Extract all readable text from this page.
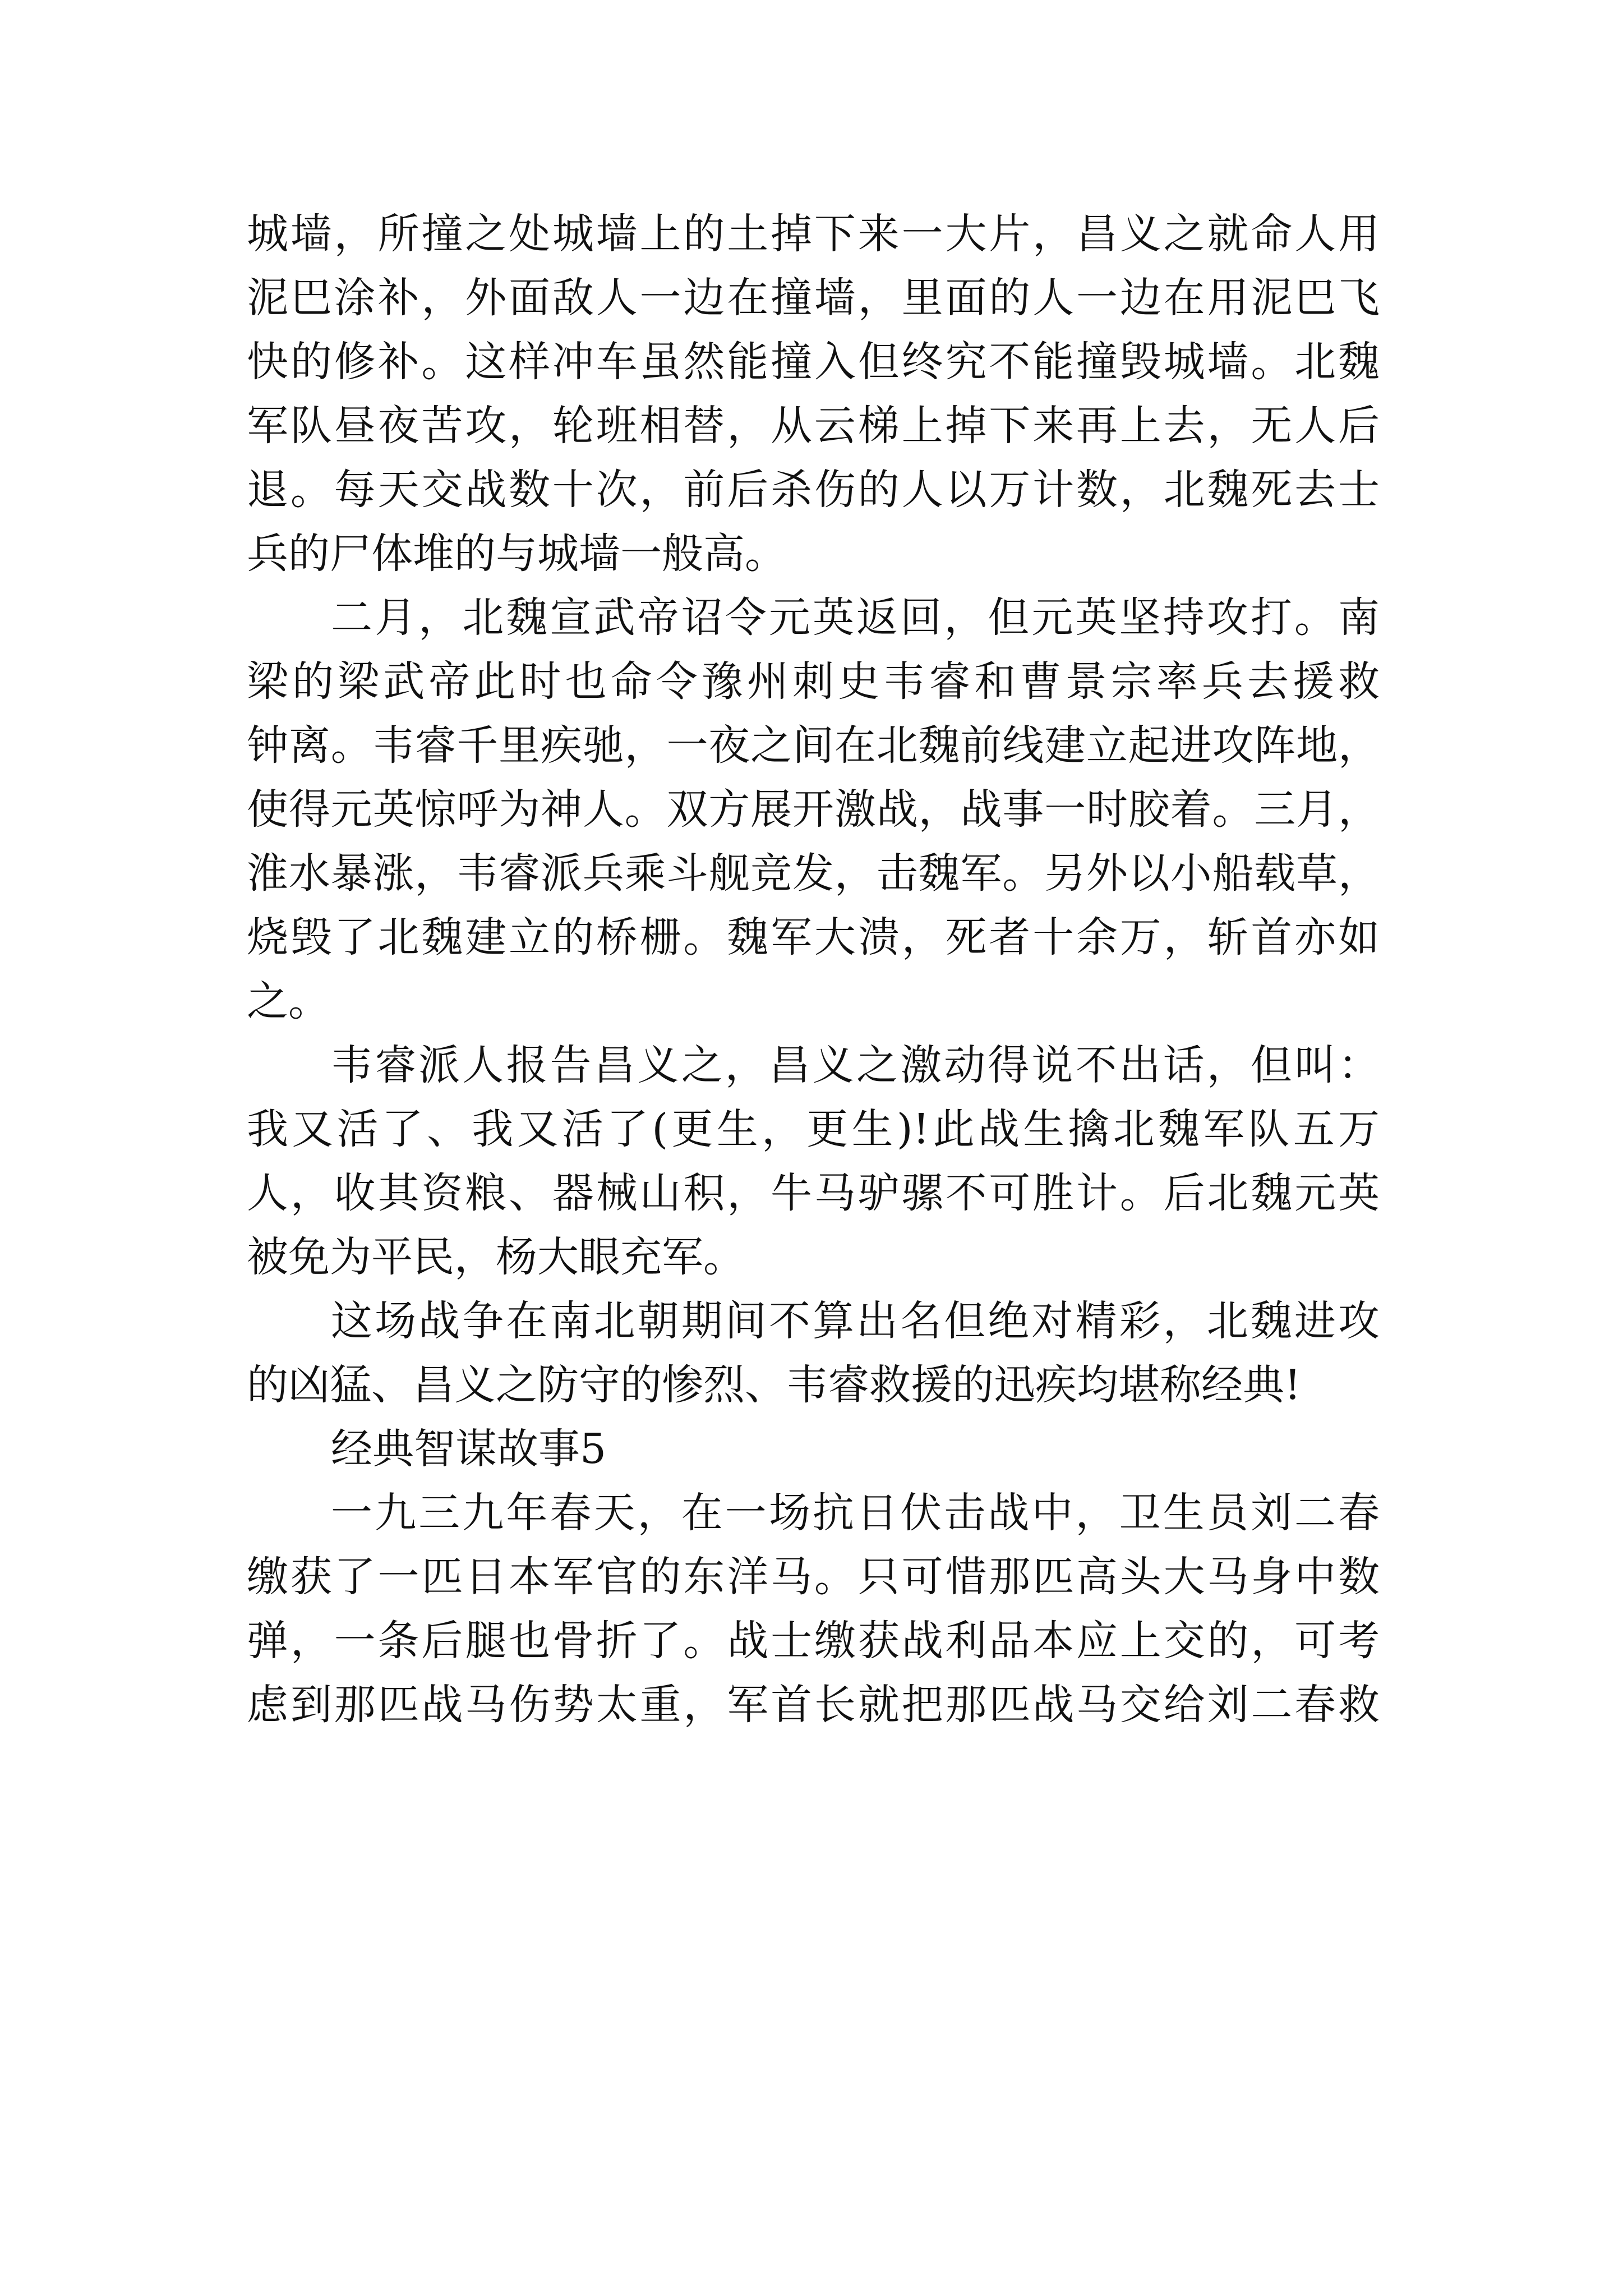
城墙，所撞之处城墙上的土掉下来一大片，昌义之就命人用
泥巴涂补，外面敌人一边在撞墙，里面的人一边在用泥巴飞
快的修补。这样冲车虽然能撞入但终究不能撞毁城墙。北魏
军队昼夜苦攻，轮班相替，从云梯上掉下来再上去，无人后
退。每天交战数十次，前后杀伤的人以万计数，北魏死去士
兵的尸体堆的与城墙一般高。
二月，北魏宣武帝诏令元英返回，但元英坚持攻打。南
梁的梁武帝此时也命令豫州刺史韦睿和曹景宗率兵去援救
钟离。韦睿千里疾驰，一夜之间在北魏前线建立起进攻阵地，
使得元英惊呼为神人。双方展开激战，战事一时胶着。三月，
淮水暴涨，韦睿派兵乘斗舰竞发，击魏军。另外以小船载草，
烧毁了北魏建立的桥栅。魏军大溃，死者十余万，斩首亦如
之。
韦睿派人报告昌义之，昌义之激动得说不出话，但叫：
我又活了、我又活了(更生，更生)!此战生擒北魏军队五万
人，收其资粮、器械山积，牛马驴骡不可胜计。后北魏元英
被免为平民，杨大眼充军。
这场战争在南北朝期间不算出名但绝对精彩，北魏进攻
的凶猛、昌义之防守的惨烈、韦睿救援的迅疾均堪称经典!
经典智谋故事5
一九三九年春天，在一场抗日伏击战中，卫生员刘二春
缴获了一匹日本军官的东洋马。只可惜那匹高头大马身中数
弹，一条后腿也骨折了。战士缴获战利品本应上交的，可考
虑到那匹战马伤势太重，军首长就把那匹战马交给刘二春救
